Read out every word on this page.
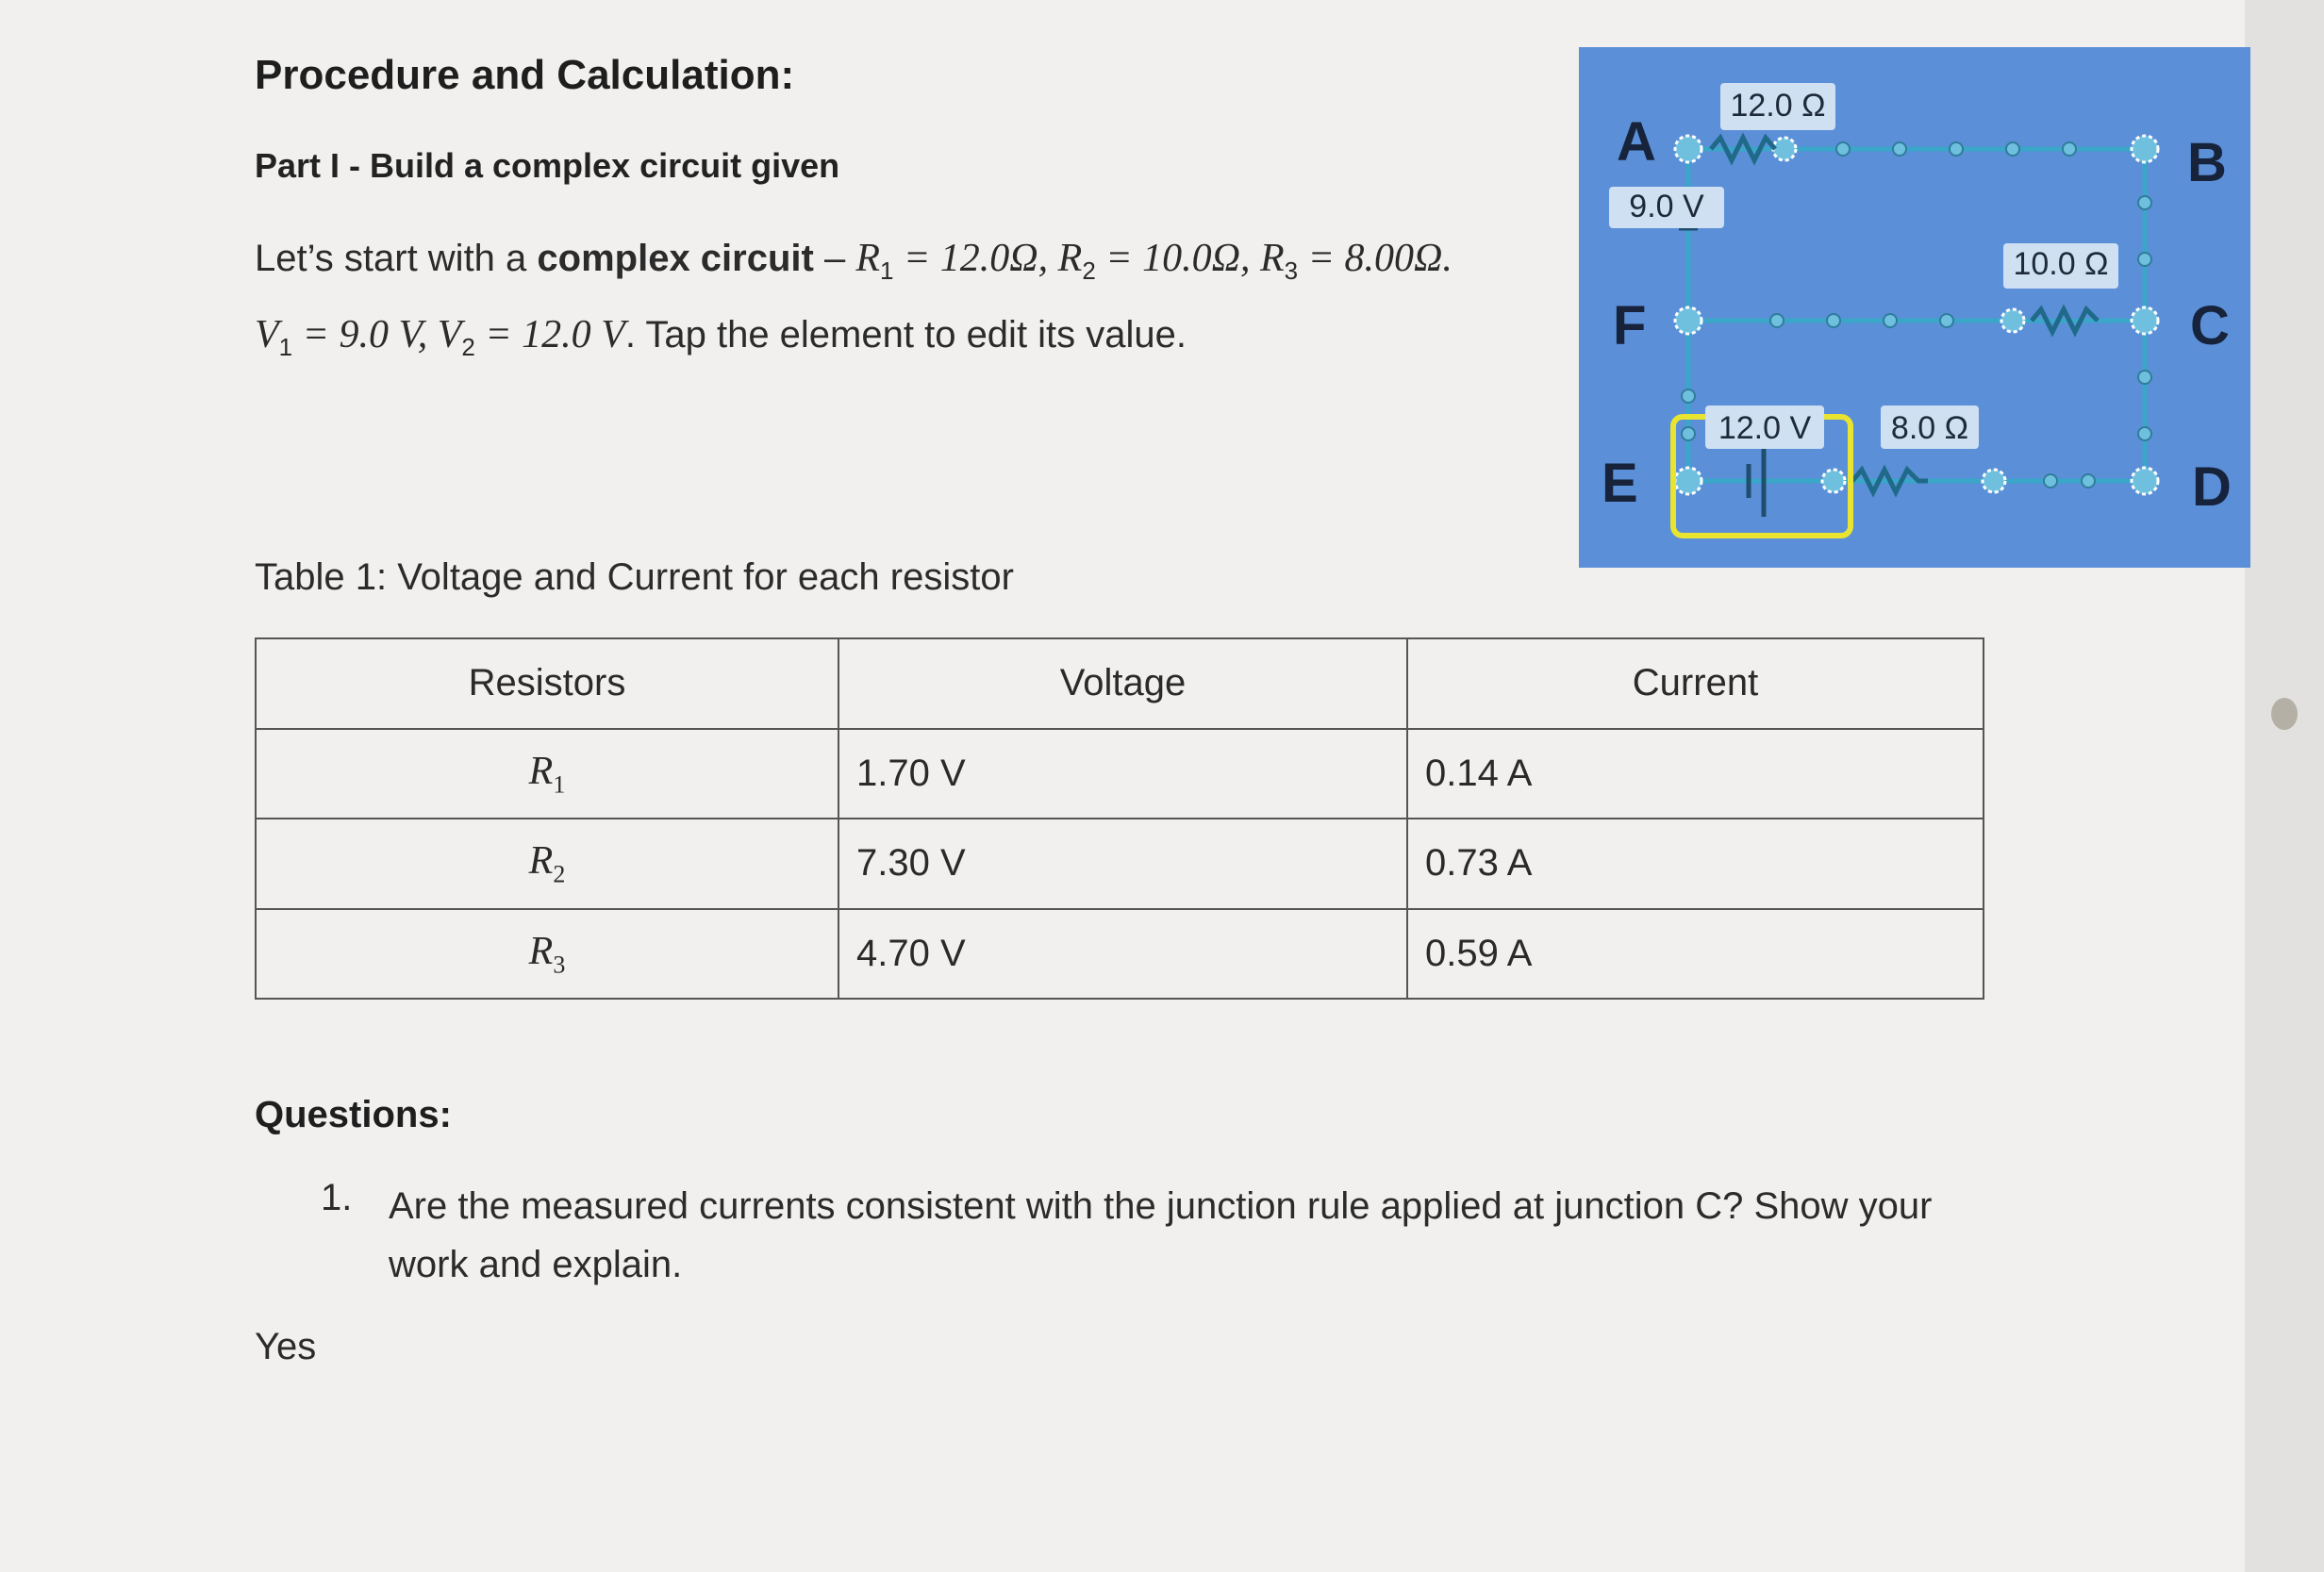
Procedure and Calculation:
Part I - Build a complex circuit given
Let’s start with a complex circuit – $R_1 = 12.0\Omega$, $R_2 = 10.0\Omega$, $R_3 = 8.00\Omega$. $V_1 = 9.0$ V, $V_2 = 12.0$ V. Tap the element to edit its value.
12.0 Ω
9.0 V
10.0 Ω
12.0 V 8.0 Ω
A	B
C
D
E
F
Table 1: Voltage and Current for each resistor
Resistors	Voltage	Current
$R_1$	1.70 V	0.14 A
$R_2$	7.30 V	0.73 A
$R_3$	4.70 V	0.59 A
Questions:
1. Are the measured currents consistent with the junction rule applied at junction C? Show your work and explain.
Yes
